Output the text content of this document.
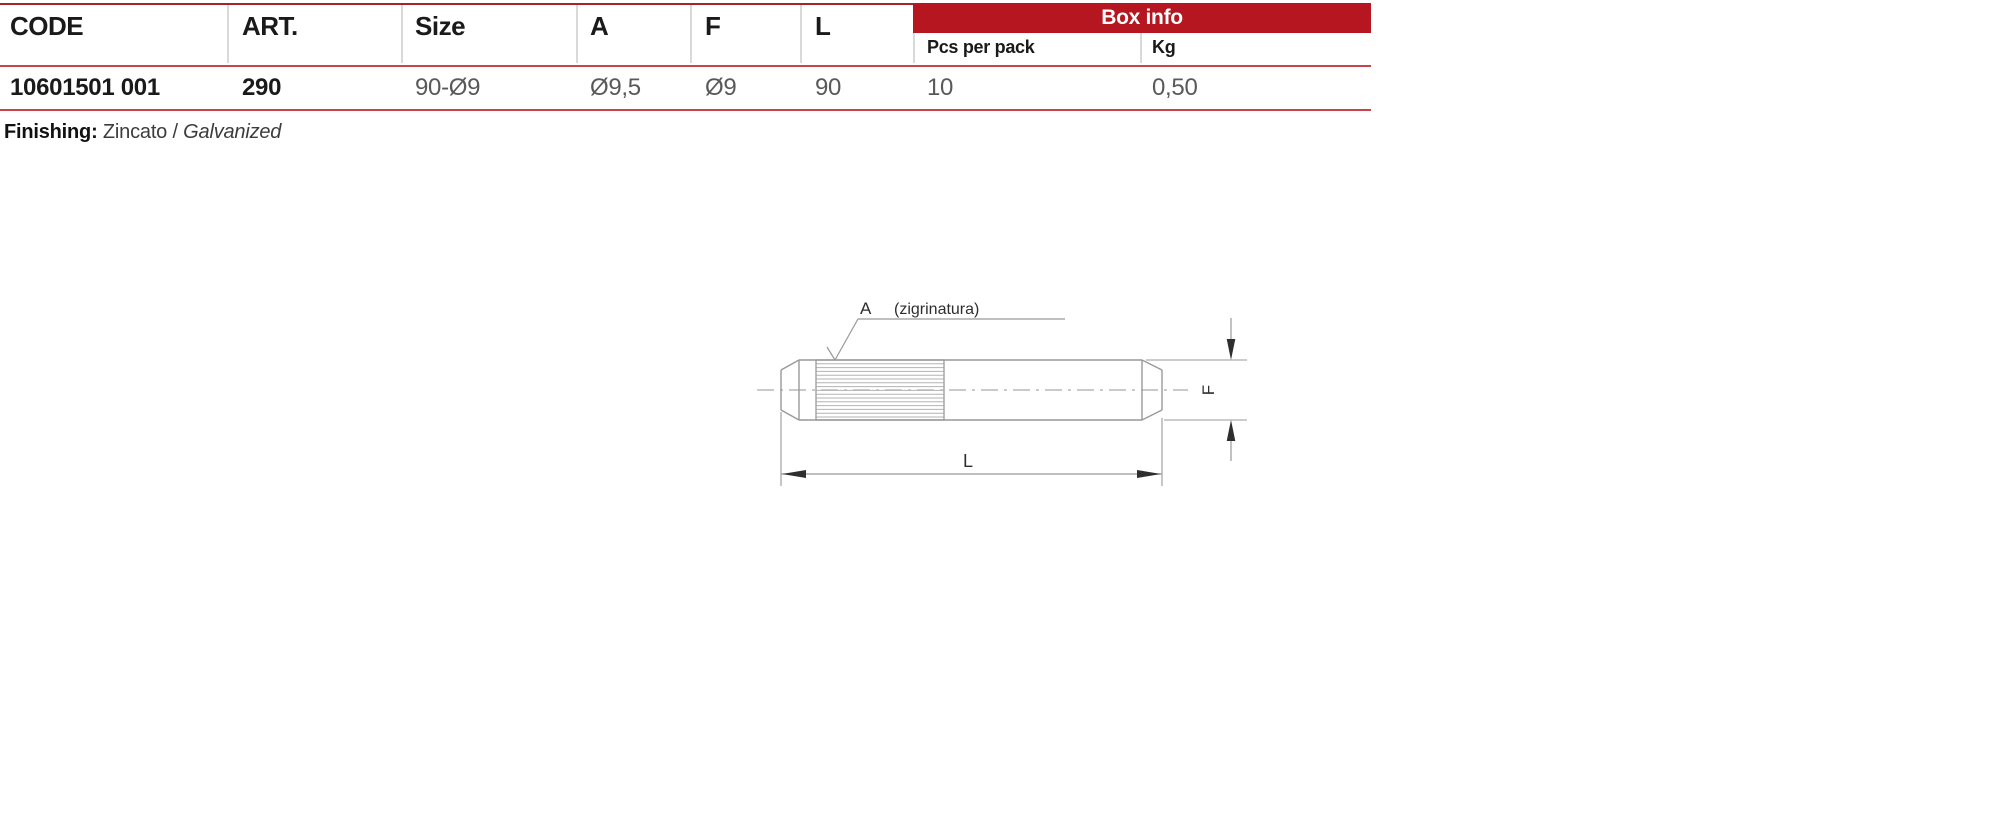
CODE	ART.	Size	A	F	L	Box info
Pcs per pack	Kg
10601501 001	290	90-Ø9	Ø9,5	Ø9	90	10	0,50
Finishing: Zincato / Galvanized
A (zigrinatura)
F
L
